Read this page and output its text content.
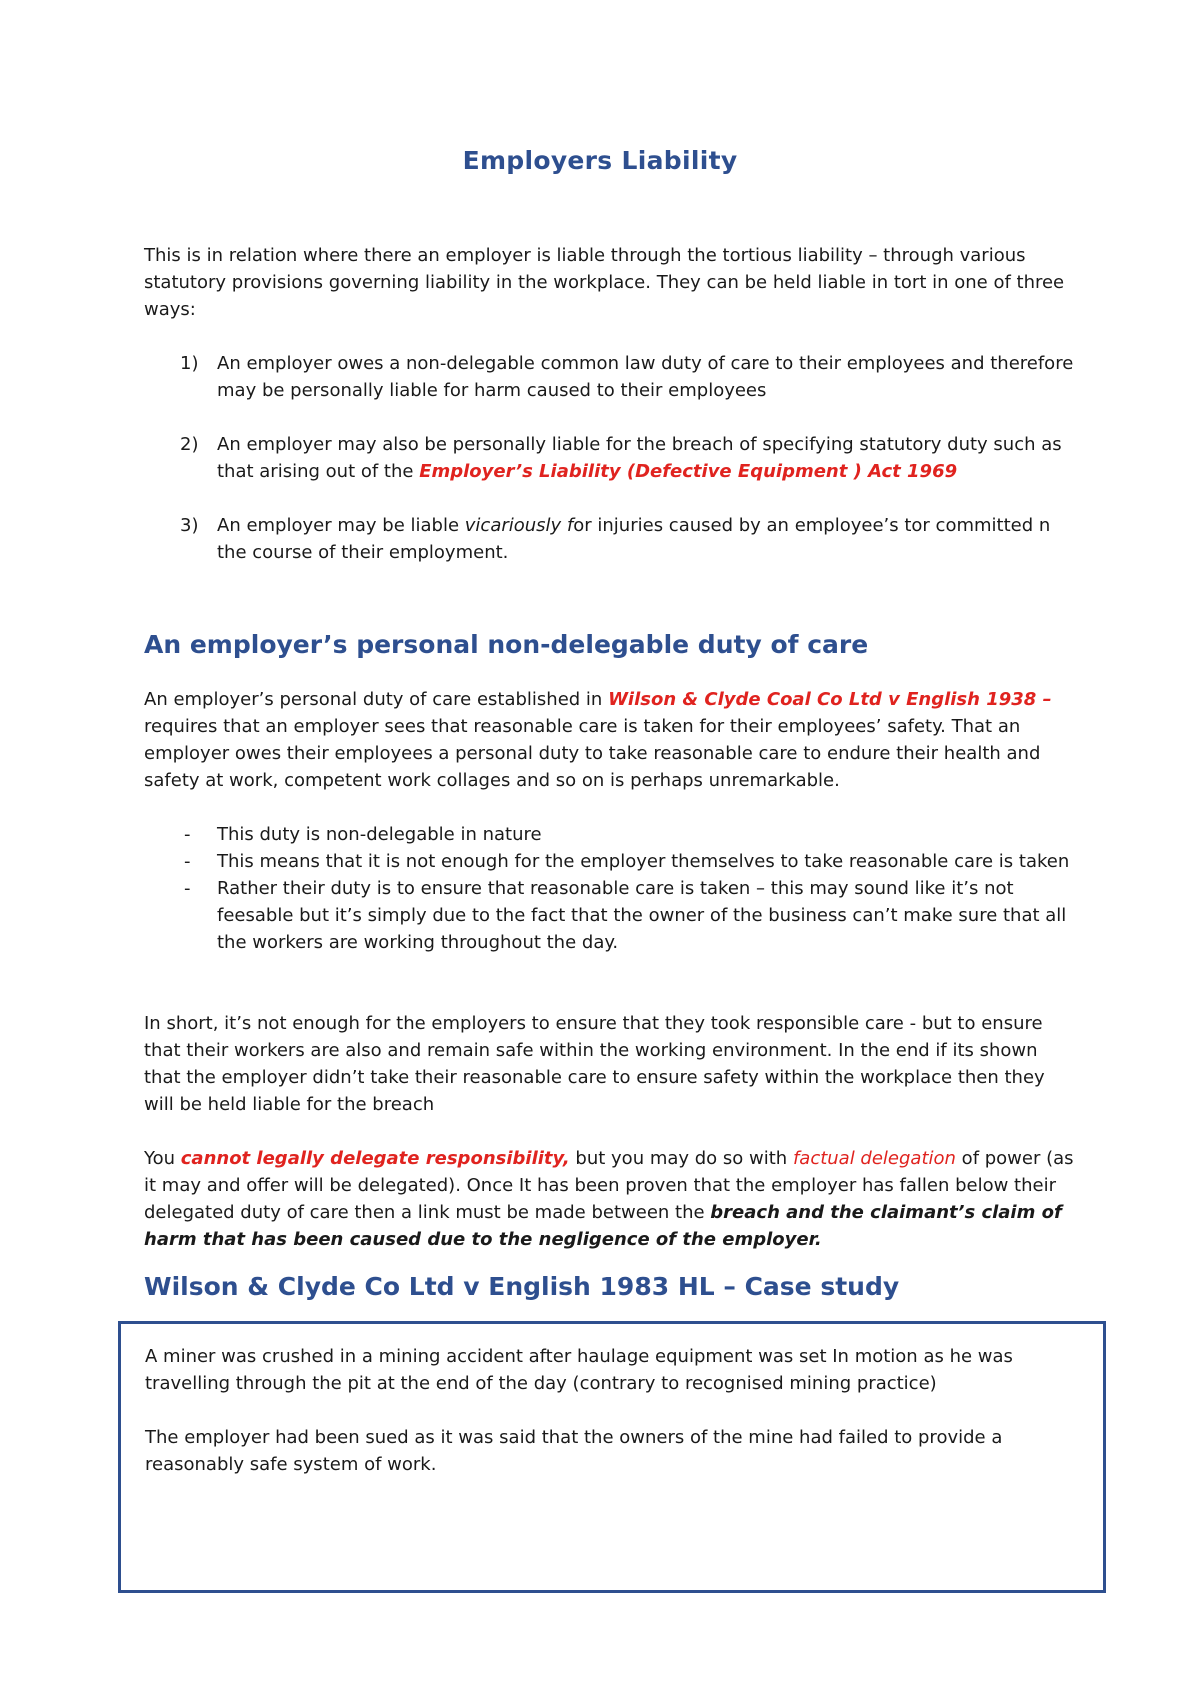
Employers Liability

This is in relation where there an employer is liable through the tortious liability – through various statutory provisions governing liability in the workplace. They can be held liable in tort in one of three ways:

1) An employer owes a non-delegable common law duty of care to their employees and therefore may be personally liable for harm caused to their employees
2) An employer may also be personally liable for the breach of specifying statutory duty such as that arising out of the Employer’s Liability (Defective Equipment ) Act 1969
3) An employer may be liable vicariously for injuries caused by an employee’s tor committed n the course of their employment.
An employer’s personal non-delegable duty of care

An employer’s personal duty of care established in Wilson & Clyde Coal Co Ltd v English 1938 – requires that an employer sees that reasonable care is taken for their employees’ safety. That an employer owes their employees a personal duty to take reasonable care to endure their health and safety at work, competent work collages and so on is perhaps unremarkable.

- This duty is non-delegable in nature
- This means that it is not enough for the employer themselves to take reasonable care is taken
- Rather their duty is to ensure that reasonable care is taken – this may sound like it’s not feesable but it’s simply due to the fact that the owner of the business can’t make sure that all the workers are working throughout the day.

In short, it’s not enough for the employers to ensure that they took responsible care - but to ensure that their workers are also and remain safe within the working environment. In the end if its shown that the employer didn’t take their reasonable care to ensure safety within the workplace then they will be held liable for the breach

You cannot legally delegate responsibility, but you may do so with factual delegation of power (as it may and offer will be delegated). Once It has been proven that the employer has fallen below their delegated duty of care then a link must be made between the breach and the claimant’s claim of harm that has been caused due to the negligence of the employer.

Wilson & Clyde Co Ltd v English 1983 HL – Case study

A miner was crushed in a mining accident after haulage equipment was set In motion as he was travelling through the pit at the end of the day (contrary to recognised mining practice)

The employer had been sued as it was said that the owners of the mine had failed to provide a reasonably safe system of work.
